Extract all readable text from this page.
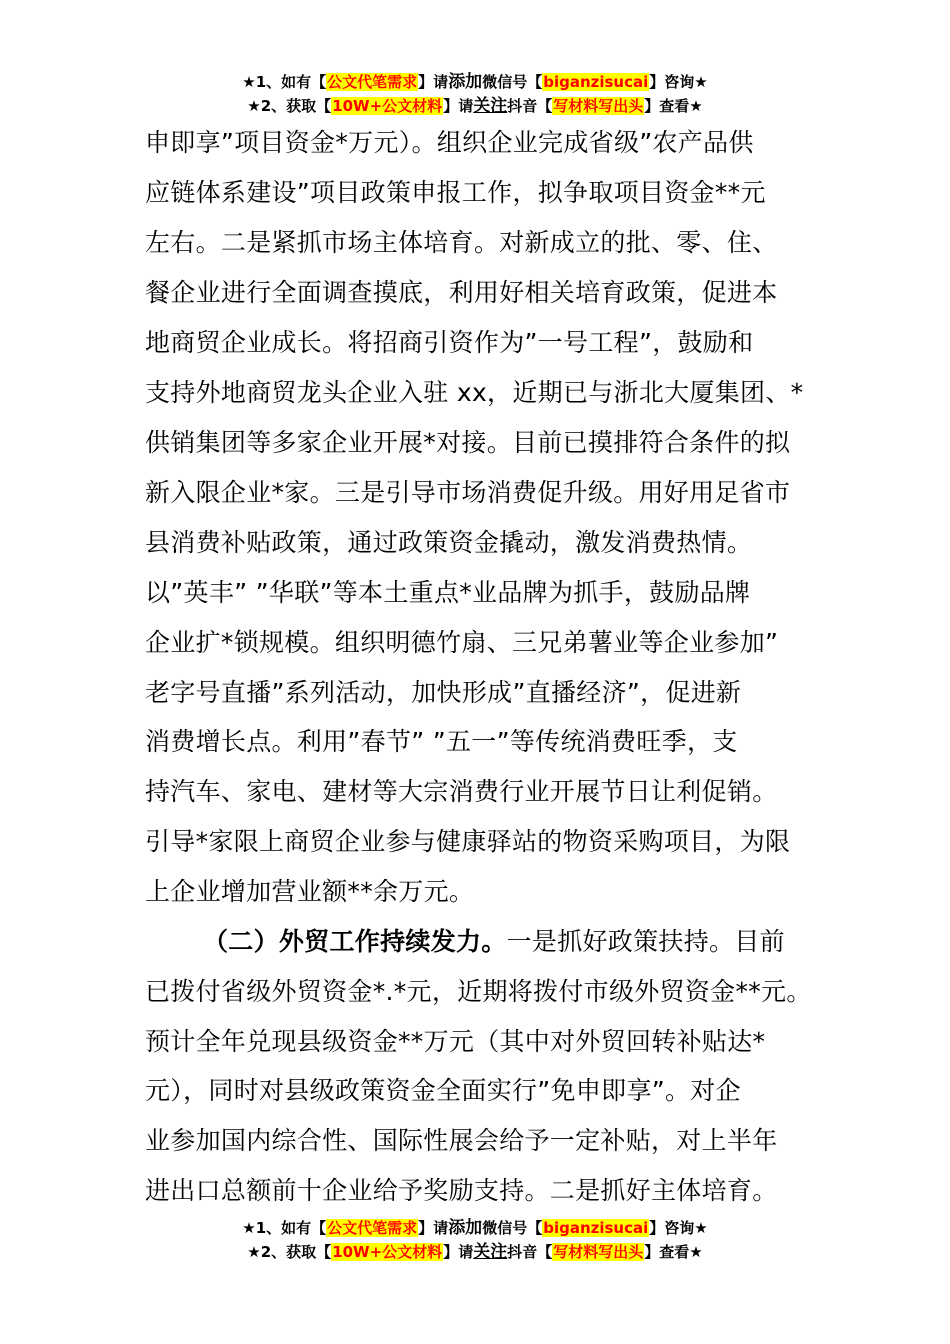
★1、如有【公文代笔需求】请添加微信号【biganzisucai】咨询★
★2、获取【10W+公文材料】请关注抖音【写材料写出头】查看★
申即享”项目资金*万元）。组织企业完成省级”农产品供
应链体系建设”项目政策申报工作，拟争取项目资金**元
左右。二是紧抓市场主体培育。对新成立的批、零、住、
餐企业进行全面调查摸底，利用好相关培育政策，促进本
地商贸企业成长。将招商引资作为”一号工程”，鼓励和
支持外地商贸龙头企业入驻 xx，近期已与浙北大厦集团、*
供销集团等多家企业开展*对接。目前已摸排符合条件的拟
新入限企业*家。三是引导市场消费促升级。用好用足省市
县消费补贴政策，通过政策资金撬动，激发消费热情。
以”英丰” ”华联”等本土重点*业品牌为抓手，鼓励品牌
企业扩*锁规模。组织明德竹扇、三兄弟薯业等企业参加”
老字号直播”系列活动，加快形成”直播经济”，促进新
消费增长点。利用”春节” ”五一”等传统消费旺季，支
持汽车、家电、建材等大宗消费行业开展节日让利促销。
引导*家限上商贸企业参与健康驿站的物资采购项目，为限
上企业增加营业额**余万元。
（二）外贸工作持续发力。一是抓好政策扶持。目前
已拨付省级外贸资金*.*元，近期将拨付市级外贸资金**元。
预计全年兑现县级资金**万元（其中对外贸回转补贴达*
元），同时对县级政策资金全面实行”免申即享”。对企
业参加国内综合性、国际性展会给予一定补贴，对上半年
进出口总额前十企业给予奖励支持。二是抓好主体培育。
★1、如有【公文代笔需求】请添加微信号【biganzisucai】咨询★
★2、获取【10W+公文材料】请关注抖音【写材料写出头】查看★
